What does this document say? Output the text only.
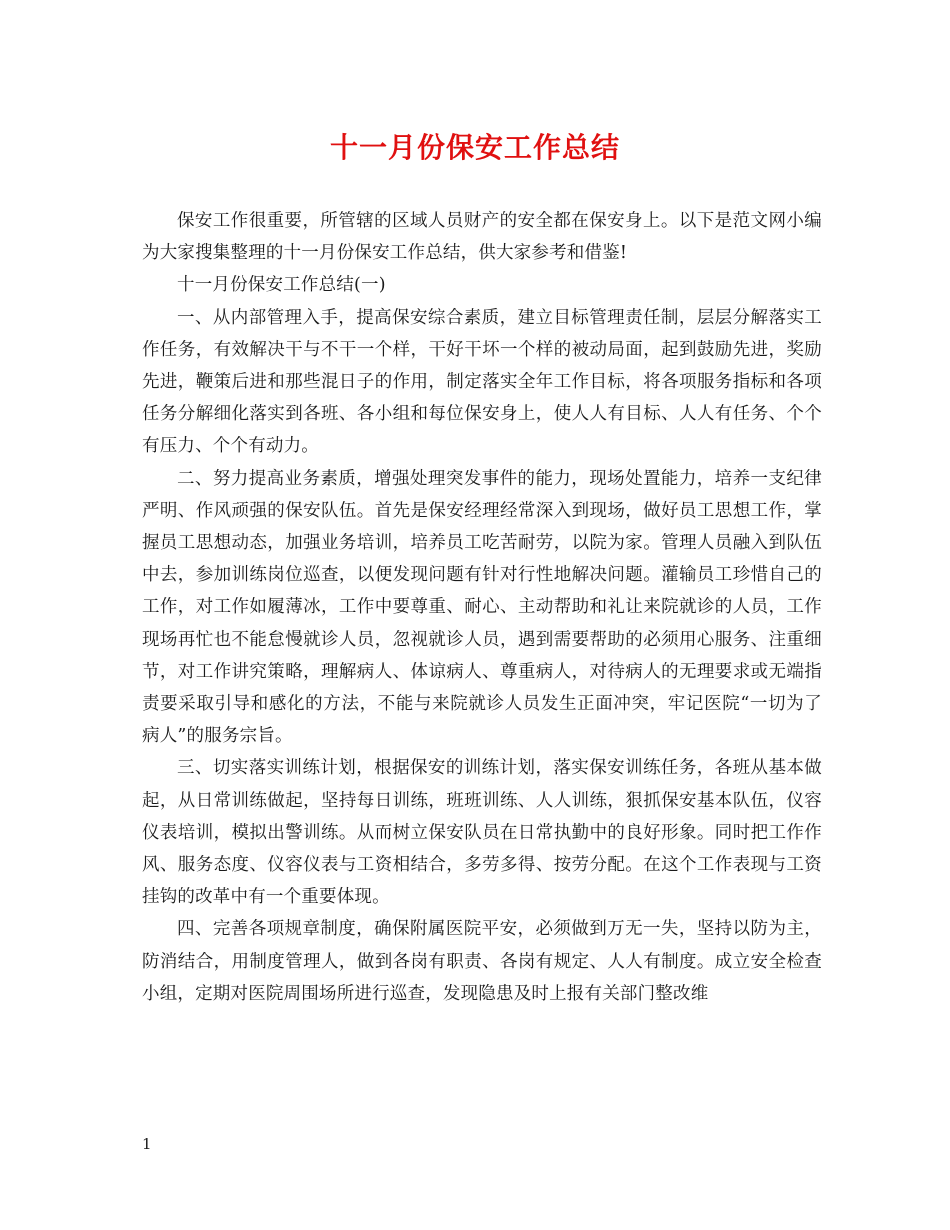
十一月份保安工作总结

保安工作很重要，所管辖的区域人员财产的安全都在保安身上。以下是范文网小编为大家搜集整理的十一月份保安工作总结，供大家参考和借鉴!

十一月份保安工作总结(一)

一、从内部管理入手，提高保安综合素质，建立目标管理责任制，层层分解落实工作任务，有效解决干与不干一个样，干好干坏一个样的被动局面，起到鼓励先进，奖励先进，鞭策后进和那些混日子的作用，制定落实全年工作目标，将各项服务指标和各项任务分解细化落实到各班、各小组和每位保安身上，使人人有目标、人人有任务、个个有压力、个个有动力。

二、努力提高业务素质，增强处理突发事件的能力，现场处置能力，培养一支纪律严明、作风顽强的保安队伍。首先是保安经理经常深入到现场，做好员工思想工作，掌握员工思想动态，加强业务培训，培养员工吃苦耐劳，以院为家。管理人员融入到队伍中去，参加训练岗位巡查，以便发现问题有针对行性地解决问题。灌输员工珍惜自己的工作，对工作如履薄冰，工作中要尊重、耐心、主动帮助和礼让来院就诊的人员，工作现场再忙也不能怠慢就诊人员，忽视就诊人员，遇到需要帮助的必须用心服务、注重细节，对工作讲究策略，理解病人、体谅病人、尊重病人，对待病人的无理要求或无端指责要采取引导和感化的方法，不能与来院就诊人员发生正面冲突，牢记医院“一切为了病人”的服务宗旨。

三、切实落实训练计划，根据保安的训练计划，落实保安训练任务，各班从基本做起，从日常训练做起，坚持每日训练，班班训练、人人训练，狠抓保安基本队伍，仪容仪表培训，模拟出警训练。从而树立保安队员在日常执勤中的良好形象。同时把工作作风、服务态度、仪容仪表与工资相结合，多劳多得、按劳分配。在这个工作表现与工资挂钩的改革中有一个重要体现。

四、完善各项规章制度，确保附属医院平安，必须做到万无一失，坚持以防为主，防消结合，用制度管理人，做到各岗有职责、各岗有规定、人人有制度。成立安全检查小组，定期对医院周围场所进行巡查，发现隐患及时上报有关部门整改维

1
